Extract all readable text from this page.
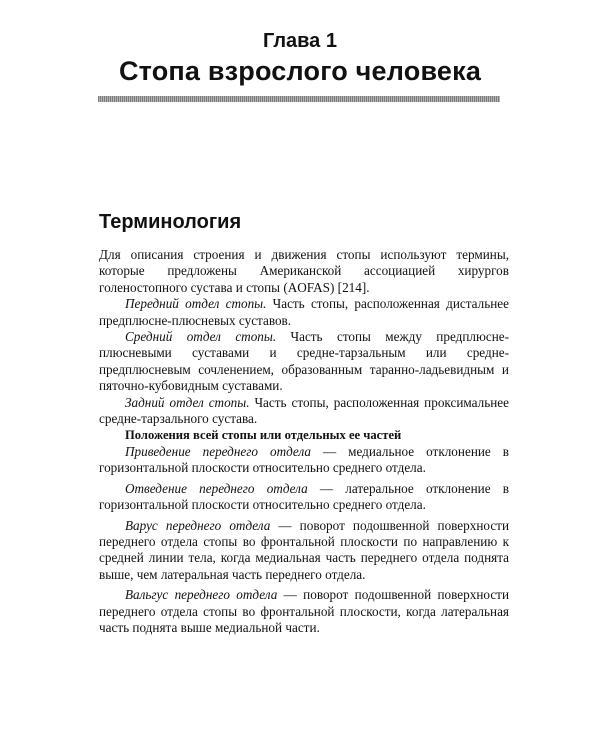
Глава 1
Стопа взрослого человека
Терминология

Для описания строения и движения стопы используют термины, которые предложены Американской ассоциацией хирургов голеностопного сустава и стопы (AOFAS) [214].

Передний отдел стопы. Часть стопы, расположенная дистальнее предплюсне-плюсневых суставов.

Средний отдел стопы. Часть стопы между предплюсне-плюсневыми суставами и средне-тарзальным или средне-предплюсневым сочленением, образованным таранно-ладьевидным и пяточно-кубовидным суставами.

Задний отдел стопы. Часть стопы, расположенная проксимальнее средне-тарзального сустава.

Положения всей стопы или отдельных ее частей

Приведение переднего отдела — медиальное отклонение в горизонтальной плоскости относительно среднего отдела.

Отведение переднего отдела — латеральное отклонение в горизонтальной плоскости относительно среднего отдела.

Варус переднего отдела — поворот подошвенной поверхности переднего отдела стопы во фронтальной плоскости по направлению к средней линии тела, когда медиальная часть переднего отдела поднята выше, чем латеральная часть переднего отдела.

Вальгус переднего отдела — поворот подошвенной поверхности переднего отдела стопы во фронтальной плоскости, когда латеральная часть поднята выше медиальной части.
